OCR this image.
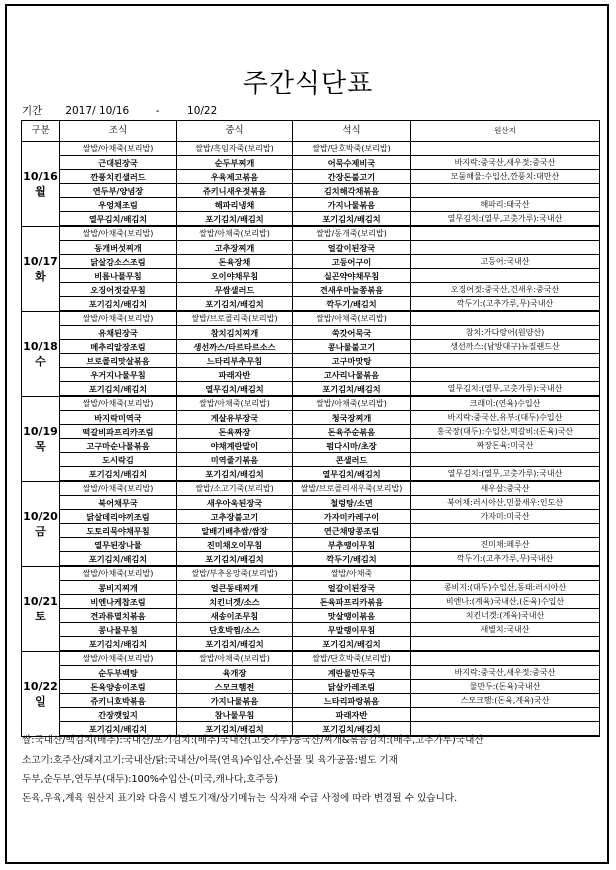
주간식단표
기간 2017/ 10/16	-	10/22
구분	조식	중식	석식	원산지

10/16
월	쌀밥/아채죽(보리밥)	쌀밥/흑임자죽(보리밥)	쌀밥/단호박죽(보리밥)	
	근대된장국	순두부찌개	어묵수제비국	바지락:중국산,새우젓:중국산
	깐풍치킨샐러드	우육제고볶음	간장돈불고기	모둠해물:수입산,깐풍치:대만산
	연두부/양념장	쥬키니새우젓볶음	김치해각채볶음	
	우엉채조림	해파리냉채	가지나물볶음	해파리:태국산
	열무김치/배김치	포기김치/배김치	포기김치/배김치	열무김치:(열무,고춧가루):국내산

10/17
화	쌀밥/아채죽(보리밥)	쌀밥/아채죽(보리밥)	쌀밥/동개죽(보리밥)	
	동개버섯찌개	고추장찌개	얼갈이된장국	
	닭살강소스조림	돈육장채	고등어구이	고등어:국내산
	비름나물무침	오이야채무침	실곤약야채무침	
	오징어젓갈무침	무쌈샐러드	견새우마늘쫑볶음	오징어젓:중국산,건새우:중국산
	포기김치/배김치	포기김치/배김치	깍두기/배김치	깍두기:(고추가루,무)국내산

10/18
수	쌀밥/아채죽(보리밥)	쌀밥/브로콜리죽(보리밥)	쌀밥/아채죽(보리밥)	
	유채된장국	참치김치찌개	쑥갓어묵국	참치:가다랑어(원양산)
	메추리알장조림	생선까스/타르타르소스	콩나물불고기	생선까스:(남방대구)뉴질랜드산
	브로콜리맛살볶음	느타리부추무침	고구마맛탕	
	우거지나물무침	파래자반	고사리나물볶음	
	포기김치/배김치	열무김치/배김치	포기김치/배김치	열무김치:(열무,고춧가루):국내산

10/19
목	쌀밥/아채죽(보리밥)	쌀밥/아채죽(보리밥)	쌀밥/아채죽(보리밥)	크래미:(연육)수입산
	바지락미역국	게살유부장국	청국장찌개	바지락:중국산,유부:(대두)수입산
	떡갈비파프리카조림	돈육짜장	돈육주순볶음	홍국장(대두):수입산,떡갈비:(돈육)국산
	고구마순나물볶음	야채계란말이	펌다시마/초장	짜장돈육:미국산
	도시락김	미역줄기볶음	콘샐러드	
	포기김치/배김치	포기김치/배김치	열무김치/배김치	열무김치:(열무,고춧가루):국내산

10/20
금	쌀밥/아채죽(보리밥)	쌀밥/소고기죽(보리밥)	쌀밥/브로콜리새우죽(보리밥)	새우살:중국산
	북어채무국	새우아욱된장국	철렁탕/소면	북어채:러시아산,민물새우:인도산
	닭살데리야끼조림	고추장불고기	가자미카레구이	가자미:미국산
	도토리묵야채무침	알배기배추쌈/쌈장	연근채땅콩조림	
	열무된장나물	진미채오이무침	부추땡이무침	진미채:페루산
	포기김치/배김치	포기김치/배김치	깍두기/배김치	깍두기:(고추가루,무)국내산

10/21
토	쌀밥/아채죽(보리밥)	쌀밥/부추옹망죽(보리밥)	쌀밥/아채죽	
	콩비지찌개	얼큰동태찌개	얼갈이된장국	콩비지:(대두)수입산,동태:러시아산
	비엔나케찹조림	치킨너겟/소스	돈육파프리카볶음	비엔나:(계육)국내산,(돈육)수입산
	견과류멸치볶음	새송이조무침	맛살땡이볶음	치킨너겟:(계육)국내산
	콩나물무침	단호박찜/소스	무말랭이무침	새별치:국내산
	포기김치/배김치	포기김치/배김치	포기김치/배김치	

10/22
일	쌀밥/아채죽(보리밥)	쌀밥/아채죽(보리밥)	쌀밥/단호박죽(보리밥)	
	순두부백탕	육개장	계란물만두국	바지락:중국산,새우젓:중국산
	돈육양송이조림	스모크햄전	닭살카레조림	물만두:(돈육)국내산
	쥬키니호박볶음	가지나물볶음	느타리파랑볶음	스모크햄:(돈육,계육)국산
	간장깻잎지	참나물무침	파래자반	
	포기김치/배김치	포기김치/배김치	포기김치/배김치	
쌀:국내산/백김치(배추):국내산/포기김치:(배추)국내산(고춧가루)중국산/찌개&볶음김치:(배추,고추가루)국내산
소고기:호주산/돼지고기:국내산/닭:국내산/어묵(연육)수입산,수산물 및 육가공품:별도 기재
두부,순두부,연두부(대두):100%수입산-(미국,캐나다,호주등)
돈육,우육,계육 원산지 표기와 다음시 별도기재/상기메뉴는 식자재 수급 사정에 따라 변경될 수 있습니다.
